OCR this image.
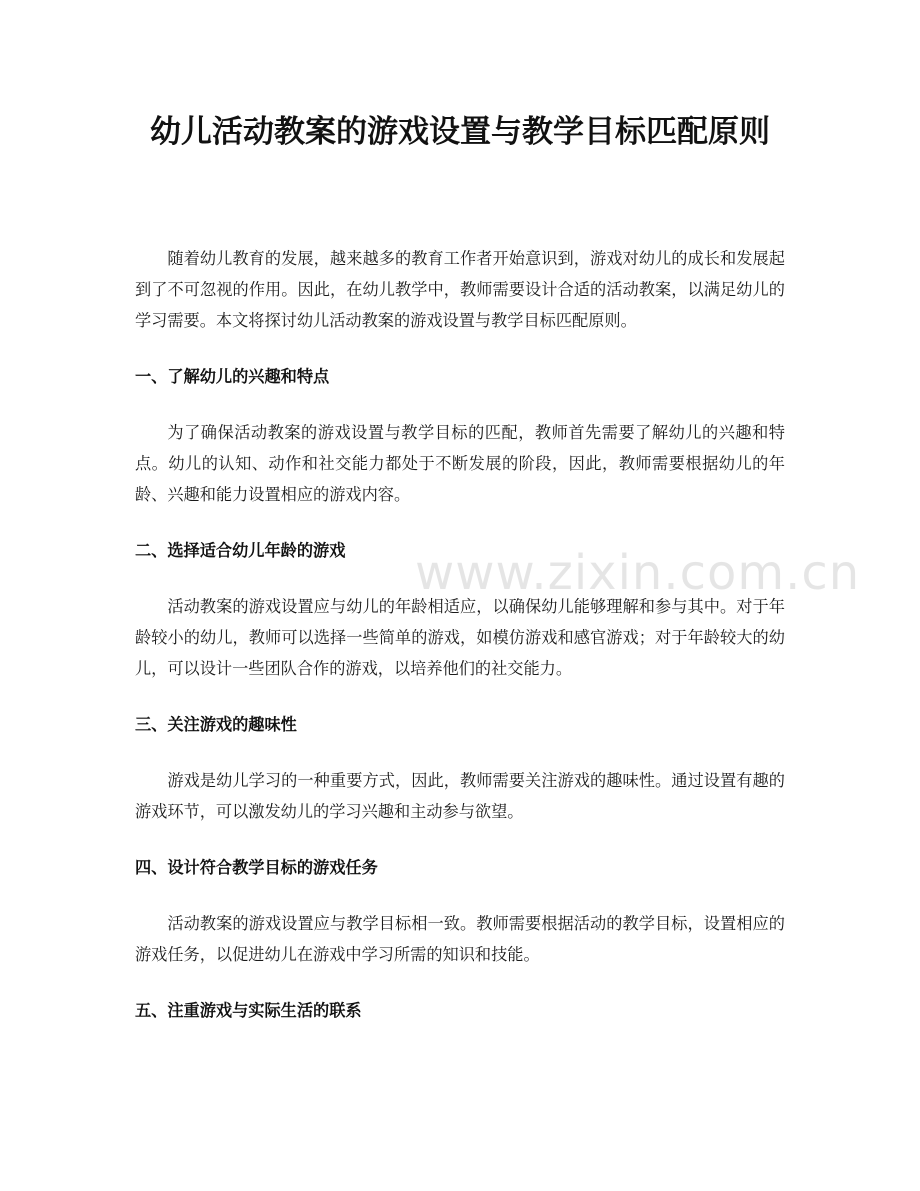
幼儿活动教案的游戏设置与教学目标匹配原则

随着幼儿教育的发展，越来越多的教育工作者开始意识到，游戏对幼儿的成长和发展起到了不可忽视的作用。因此，在幼儿教学中，教师需要设计合适的活动教案，以满足幼儿的学习需要。本文将探讨幼儿活动教案的游戏设置与教学目标匹配原则。

一、了解幼儿的兴趣和特点

为了确保活动教案的游戏设置与教学目标的匹配，教师首先需要了解幼儿的兴趣和特点。幼儿的认知、动作和社交能力都处于不断发展的阶段，因此，教师需要根据幼儿的年龄、兴趣和能力设置相应的游戏内容。

二、选择适合幼儿年龄的游戏

活动教案的游戏设置应与幼儿的年龄相适应，以确保幼儿能够理解和参与其中。对于年龄较小的幼儿，教师可以选择一些简单的游戏，如模仿游戏和感官游戏；对于年龄较大的幼儿，可以设计一些团队合作的游戏，以培养他们的社交能力。

三、关注游戏的趣味性

游戏是幼儿学习的一种重要方式，因此，教师需要关注游戏的趣味性。通过设置有趣的游戏环节，可以激发幼儿的学习兴趣和主动参与欲望。

四、设计符合教学目标的游戏任务

活动教案的游戏设置应与教学目标相一致。教师需要根据活动的教学目标，设置相应的游戏任务，以促进幼儿在游戏中学习所需的知识和技能。

五、注重游戏与实际生活的联系

www.zixin.com.cn
